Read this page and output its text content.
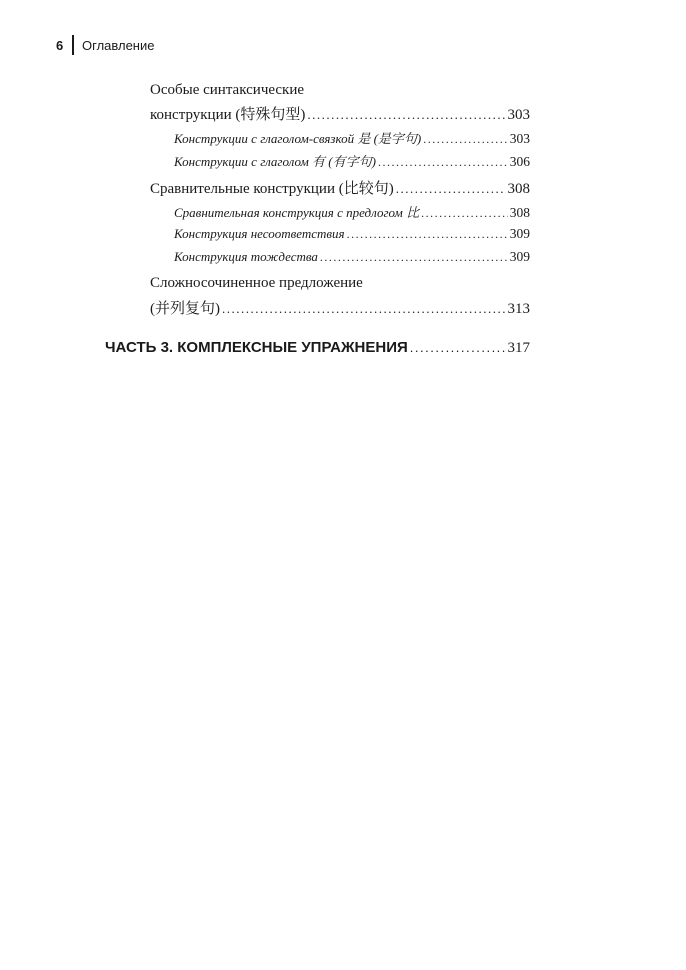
6 Оглавление
Особые синтаксические
конструкции (特殊句型) .....	303
Конструкции с глаголом-связкой 是 (是字句) .....	303
Конструкции с глаголом 有 (有字句) .....	306
Сравнительные конструкции (比较句) .....	308
Сравнительная конструкция с предлогом 比 .....	308
Конструкция несоответствия .....	309
Конструкция тождества .....	309
Сложносочиненное предложение
(并列复句) .....	313
ЧАСТЬ 3. КОМПЛЕКСНЫЕ УПРАЖНЕНИЯ .....	317
